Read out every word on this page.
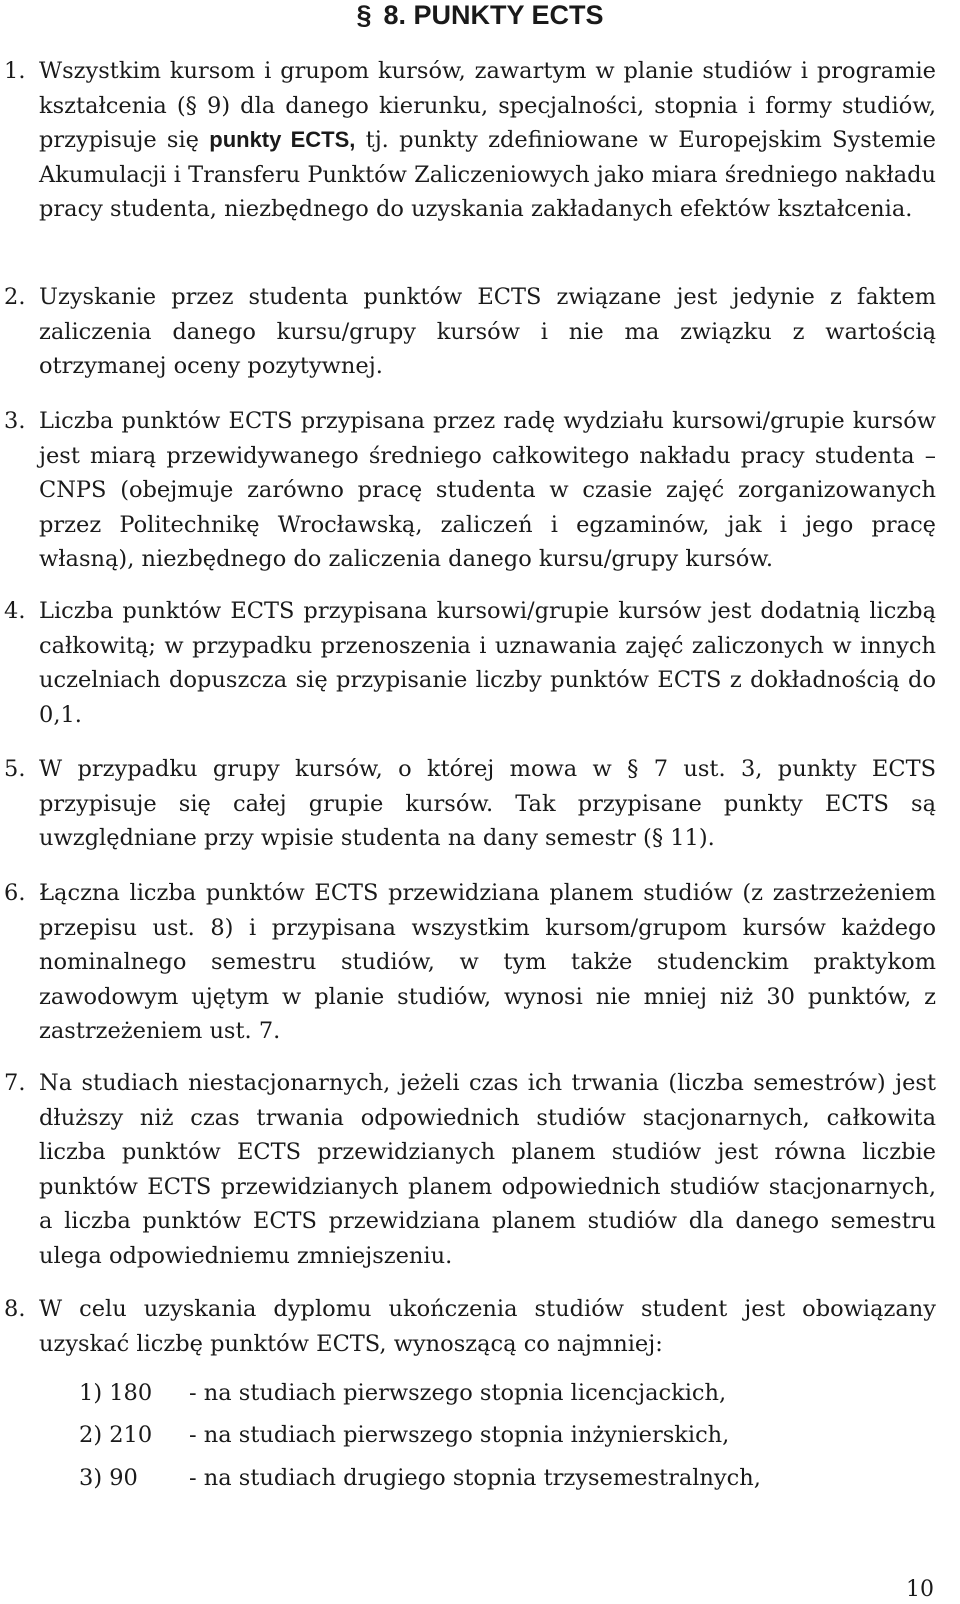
§ 8. PUNKTY ECTS
1. Wszystkim kursom i grupom kursów, zawartym w planie studiów i programie kształcenia (§ 9) dla danego kierunku, specjalności, stopnia i formy studiów, przypisuje się punkty ECTS, tj. punkty zdefiniowane w Europejskim Systemie Akumulacji i Transferu Punktów Zaliczeniowych jako miara średniego nakładu pracy studenta, niezbędnego do uzyskania zakładanych efektów kształcenia.

2. Uzyskanie przez studenta punktów ECTS związane jest jedynie z faktem zaliczenia danego kursu/grupy kursów i nie ma związku z wartością otrzymanej oceny pozytywnej.

3. Liczba punktów ECTS przypisana przez radę wydziału kursowi/grupie kursów jest miarą przewidywanego średniego całkowitego nakładu pracy studenta – CNPS (obejmuje zarówno pracę studenta w czasie zajęć zorganizowanych przez Politechnikę Wrocławską, zaliczeń i egzaminów, jak i jego pracę własną), niezbędnego do zaliczenia danego kursu/grupy kursów.

4. Liczba punktów ECTS przypisana kursowi/grupie kursów jest dodatnią liczbą całkowitą; w przypadku przenoszenia i uznawania zajęć zaliczonych w innych uczelniach dopuszcza się przypisanie liczby punktów ECTS z dokładnością do 0,1.

5. W przypadku grupy kursów, o której mowa w § 7 ust. 3, punkty ECTS przypisuje się całej grupie kursów. Tak przypisane punkty ECTS są uwzględniane przy wpisie studenta na dany semestr (§ 11).

6. Łączna liczba punktów ECTS przewidziana planem studiów (z zastrzeżeniem przepisu ust. 8) i przypisana wszystkim kursom/grupom kursów każdego nominalnego semestru studiów, w tym także studenckim praktykom zawodowym ujętym w planie studiów, wynosi nie mniej niż 30 punktów, z zastrzeżeniem ust. 7.

7. Na studiach niestacjonarnych, jeżeli czas ich trwania (liczba semestrów) jest dłuższy niż czas trwania odpowiednich studiów stacjonarnych, całkowita liczba punktów ECTS przewidzianych planem studiów jest równa liczbie punktów ECTS przewidzianych planem odpowiednich studiów stacjonarnych, a liczba punktów ECTS przewidziana planem studiów dla danego semestru ulega odpowiedniemu zmniejszeniu.

8. W celu uzyskania dyplomu ukończenia studiów student jest obowiązany uzyskać liczbę punktów ECTS, wynoszącą co najmniej:

1) 180 - na studiach pierwszego stopnia licencjackich,
2) 210 - na studiach pierwszego stopnia inżynierskich,
3) 90 - na studiach drugiego stopnia trzysemestralnych,
10
